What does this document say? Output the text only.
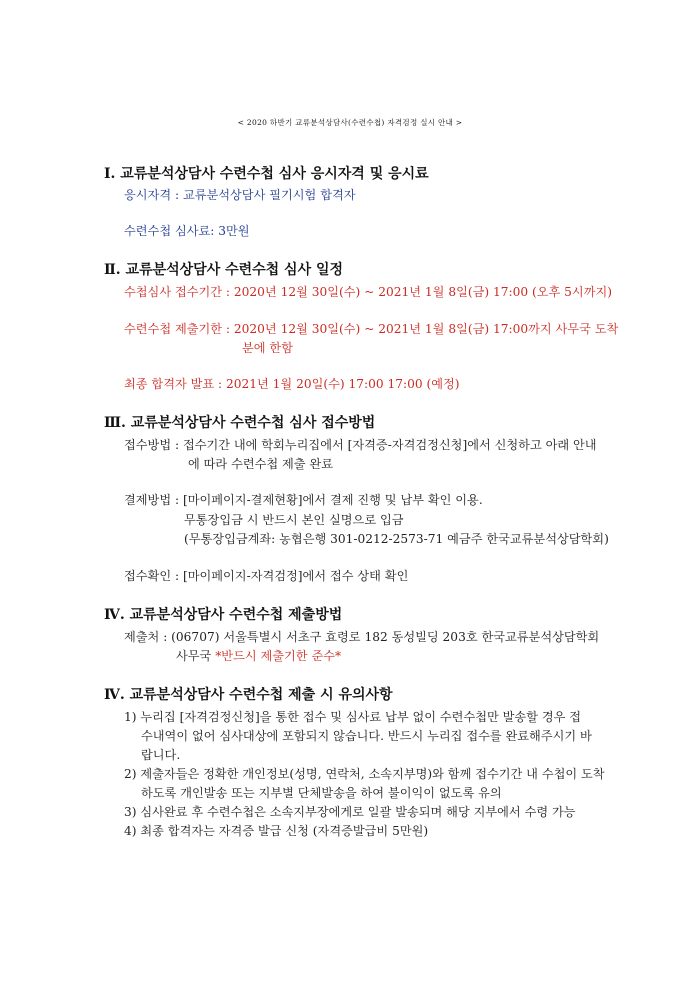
< 2020 하반기 교류분석상담사(수련수첩) 자격검정 실시 안내 >
Ⅰ. 교류분석상담사 수련수첩 심사 응시자격 및 응시료
응시자격 : 교류분석상담사 필기시험 합격자
수련수첩 심사료: 3만원
Ⅱ. 교류분석상담사 수련수첩 심사 일정
수첩심사 접수기간 : 2020년 12월 30일(수) ~ 2021년 1월 8일(금) 17:00 (오후 5시까지)
수련수첩 제출기한 : 2020년 12월 30일(수) ~ 2021년 1월 8일(금) 17:00까지 사무국 도착
분에 한함
최종 합격자 발표 : 2021년 1월 20일(수) 17:00 17:00 (예정)
Ⅲ. 교류분석상담사 수련수첩 심사 접수방법
접수방법 : 접수기간 내에 학회누리집에서 [자격증-자격검정신청]에서 신청하고 아래 안내
에 따라 수련수첩 제출 완료
결제방법 : [마이페이지-결제현황]에서 결제 진행 및 납부 확인 이용.
무통장입금 시 반드시 본인 실명으로 입금
(무통장입금계좌: 농협은행 301-0212-2573-71 예금주 한국교류분석상담학회)
접수확인 : [마이페이지-자격검정]에서 접수 상태 확인
Ⅳ. 교류분석상담사 수련수첩 제출방법
제출처 : (06707) 서울특별시 서초구 효령로 182 동성빌딩 203호 한국교류분석상담학회
사무국 *반드시 제출기한 준수*
Ⅳ. 교류분석상담사 수련수첩 제출 시 유의사항
1) 누리집 [자격검정신청]을 통한 접수 및 심사료 납부 없이 수련수첩만 발송할 경우 접
수내역이 없어 심사대상에 포함되지 않습니다. 반드시 누리집 접수를 완료해주시기 바
랍니다.
2) 제출자들은 정확한 개인정보(성명, 연락처, 소속지부명)와 함께 접수기간 내 수첩이 도착
하도록 개인발송 또는 지부별 단체발송을 하여 불이익이 없도록 유의
3) 심사완료 후 수련수첩은 소속지부장에게로 일괄 발송되며 해당 지부에서 수령 가능
4) 최종 합격자는 자격증 발급 신청 (자격증발급비 5만원)
